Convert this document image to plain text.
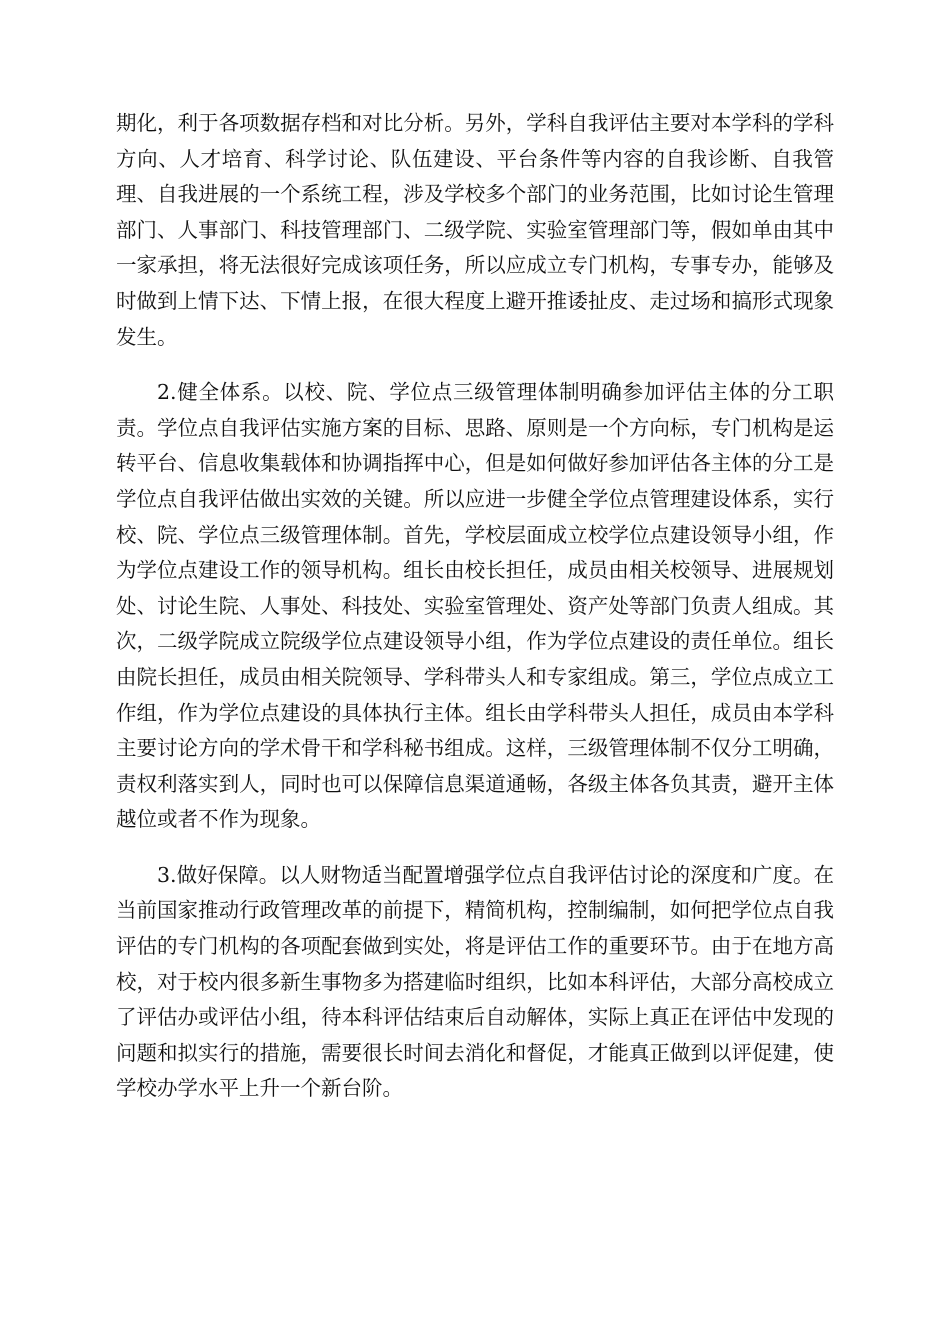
期化，利于各项数据存档和对比分析。另外，学科自我评估主要对本学科的学科方向、人才培育、科学讨论、队伍建设、平台条件等内容的自我诊断、自我管理、自我进展的一个系统工程，涉及学校多个部门的业务范围，比如讨论生管理部门、人事部门、科技管理部门、二级学院、实验室管理部门等，假如单由其中一家承担，将无法很好完成该项任务，所以应成立专门机构，专事专办，能够及时做到上情下达、下情上报，在很大程度上避开推诿扯皮、走过场和搞形式现象发生。

2.健全体系。以校、院、学位点三级管理体制明确参加评估主体的分工职责。学位点自我评估实施方案的目标、思路、原则是一个方向标，专门机构是运转平台、信息收集载体和协调指挥中心，但是如何做好参加评估各主体的分工是学位点自我评估做出实效的关键。所以应进一步健全学位点管理建设体系，实行校、院、学位点三级管理体制。首先，学校层面成立校学位点建设领导小组，作为学位点建设工作的领导机构。组长由校长担任，成员由相关校领导、进展规划处、讨论生院、人事处、科技处、实验室管理处、资产处等部门负责人组成。其次，二级学院成立院级学位点建设领导小组，作为学位点建设的责任单位。组长由院长担任，成员由相关院领导、学科带头人和专家组成。第三，学位点成立工作组，作为学位点建设的具体执行主体。组长由学科带头人担任，成员由本学科主要讨论方向的学术骨干和学科秘书组成。这样，三级管理体制不仅分工明确，责权利落实到人，同时也可以保障信息渠道通畅，各级主体各负其责，避开主体越位或者不作为现象。

3.做好保障。以人财物适当配置增强学位点自我评估讨论的深度和广度。在当前国家推动行政管理改革的前提下，精简机构，控制编制，如何把学位点自我评估的专门机构的各项配套做到实处，将是评估工作的重要环节。由于在地方高校，对于校内很多新生事物多为搭建临时组织，比如本科评估，大部分高校成立了评估办或评估小组，待本科评估结束后自动解体，实际上真正在评估中发现的问题和拟实行的措施，需要很长时间去消化和督促，才能真正做到以评促建，使学校办学水平上升一个新台阶。
